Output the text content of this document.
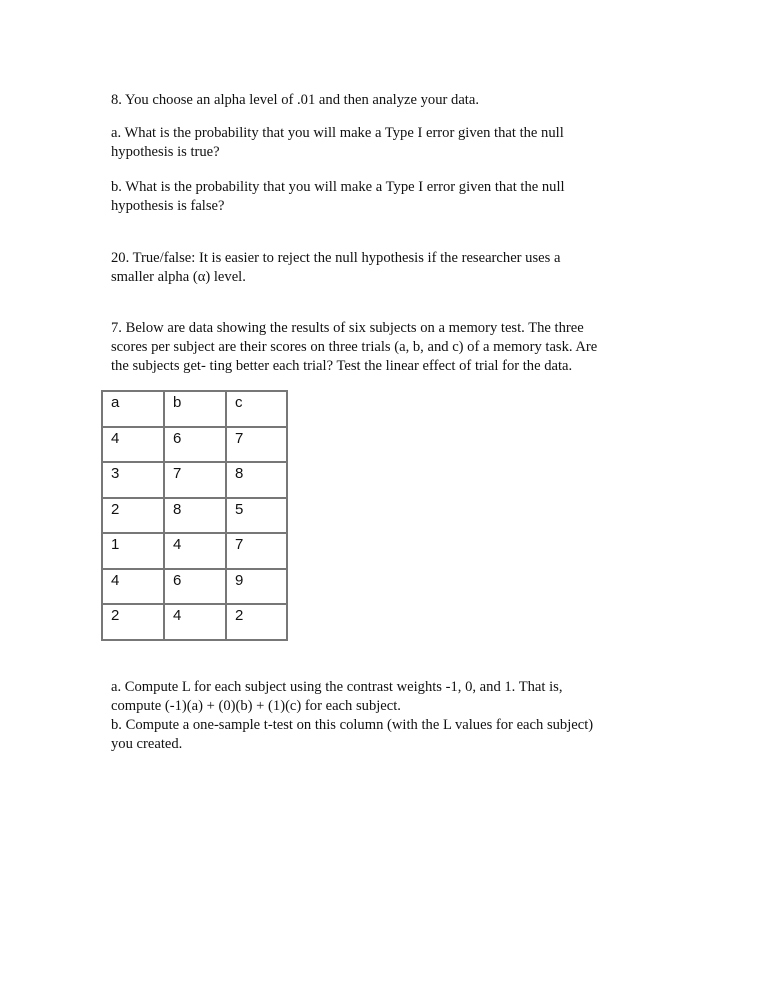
8. You choose an alpha level of .01 and then analyze your data.
a. What is the probability that you will make a Type I error given that the null
hypothesis is true?
b. What is the probability that you will make a Type I error given that the null
hypothesis is false?
20. True/false: It is easier to reject the null hypothesis if the researcher uses a
smaller alpha (α) level.
7. Below are data showing the results of six subjects on a memory test. The three
scores per subject are their scores on three trials (a, b, and c) of a memory task. Are
the subjects get- ting better each trial? Test the linear effect of trial for the data.
a	b	c
4	6	7
3	7	8
2	8	5
1	4	7
4	6	9
2	4	2
a. Compute L for each subject using the contrast weights -1, 0, and 1. That is,
compute (-1)(a) + (0)(b) + (1)(c) for each subject.
b. Compute a one-sample t-test on this column (with the L values for each subject)
you created.
